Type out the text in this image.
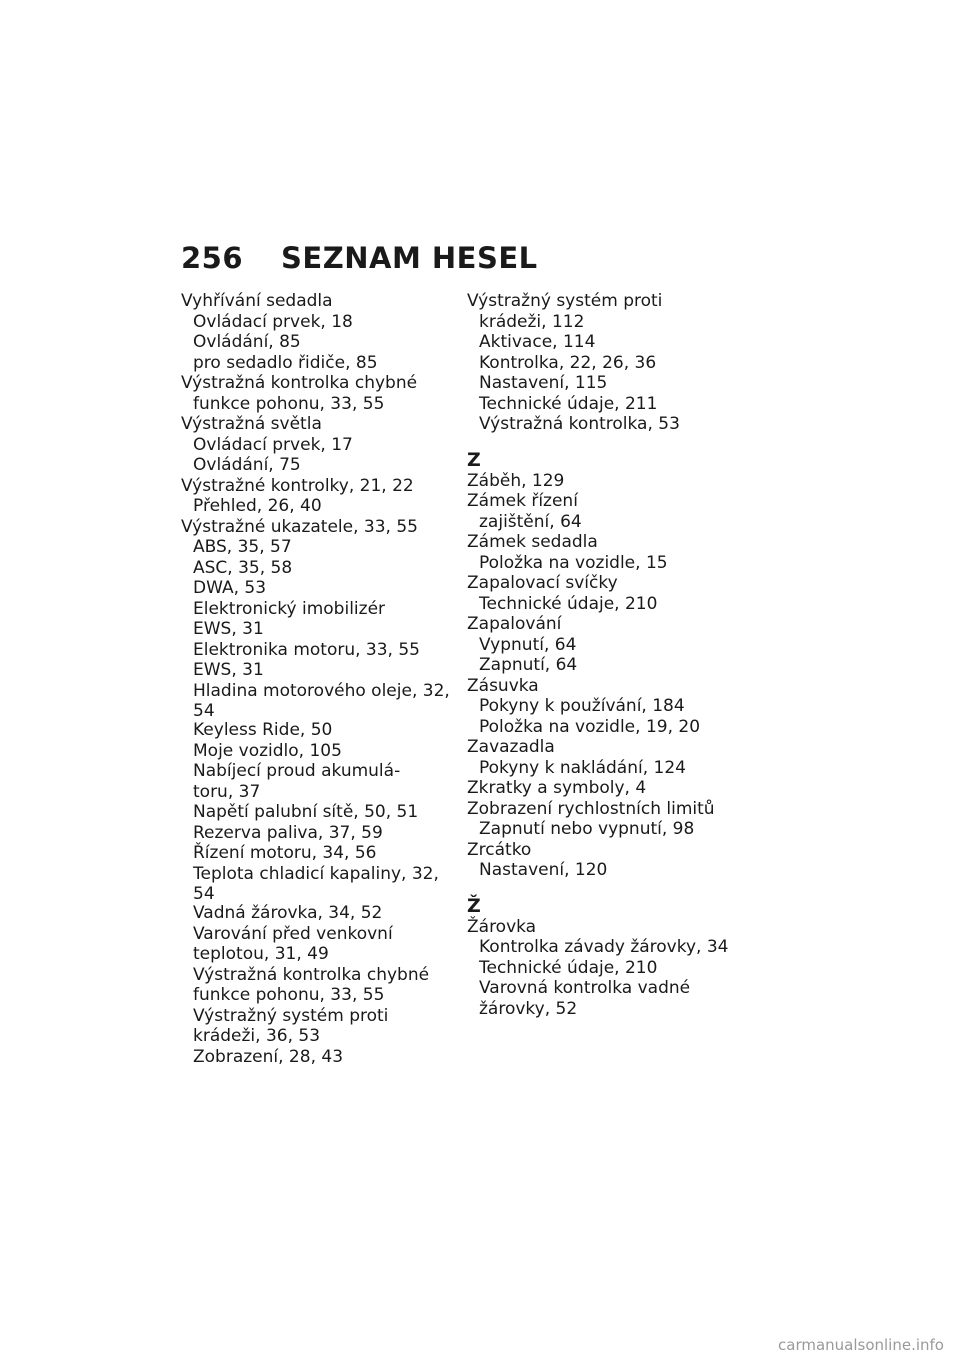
256 SEZNAM HESEL
Vyhřívání sedadla
Ovládací prvek, 18
Ovládání, 85
pro sedadlo řidiče, 85
Výstražná kontrolka chybné
funkce pohonu, 33, 55
Výstražná světla
Ovládací prvek, 17
Ovládání, 75
Výstražné kontrolky, 21, 22
Přehled, 26, 40
Výstražné ukazatele, 33, 55
ABS, 35, 57
ASC, 35, 58
DWA, 53
Elektronický imobilizér
EWS, 31
Elektronika motoru, 33, 55
EWS, 31
Hladina motorového oleje, 32,
54
Keyless Ride, 50
Moje vozidlo, 105
Nabíjecí proud akumulá-
toru, 37
Napětí palubní sítě, 50, 51
Rezerva paliva, 37, 59
Řízení motoru, 34, 56
Teplota chladicí kapaliny, 32,
54
Vadná žárovka, 34, 52
Varování před venkovní
teplotou, 31, 49
Výstražná kontrolka chybné
funkce pohonu, 33, 55
Výstražný systém proti
krádeži, 36, 53
Zobrazení, 28, 43
Výstražný systém proti
krádeži, 112
Aktivace, 114
Kontrolka, 22, 26, 36
Nastavení, 115
Technické údaje, 211
Výstražná kontrolka, 53
Z
Záběh, 129
Zámek řízení
zajištění, 64
Zámek sedadla
Položka na vozidle, 15
Zapalovací svíčky
Technické údaje, 210
Zapalování
Vypnutí, 64
Zapnutí, 64
Zásuvka
Pokyny k používání, 184
Položka na vozidle, 19, 20
Zavazadla
Pokyny k nakládání, 124
Zkratky a symboly, 4
Zobrazení rychlostních limitů
Zapnutí nebo vypnutí, 98
Zrcátko
Nastavení, 120
Ž
Žárovka
Kontrolka závady žárovky, 34
Technické údaje, 210
Varovná kontrolka vadné
žárovky, 52
carmanualsonline.info
